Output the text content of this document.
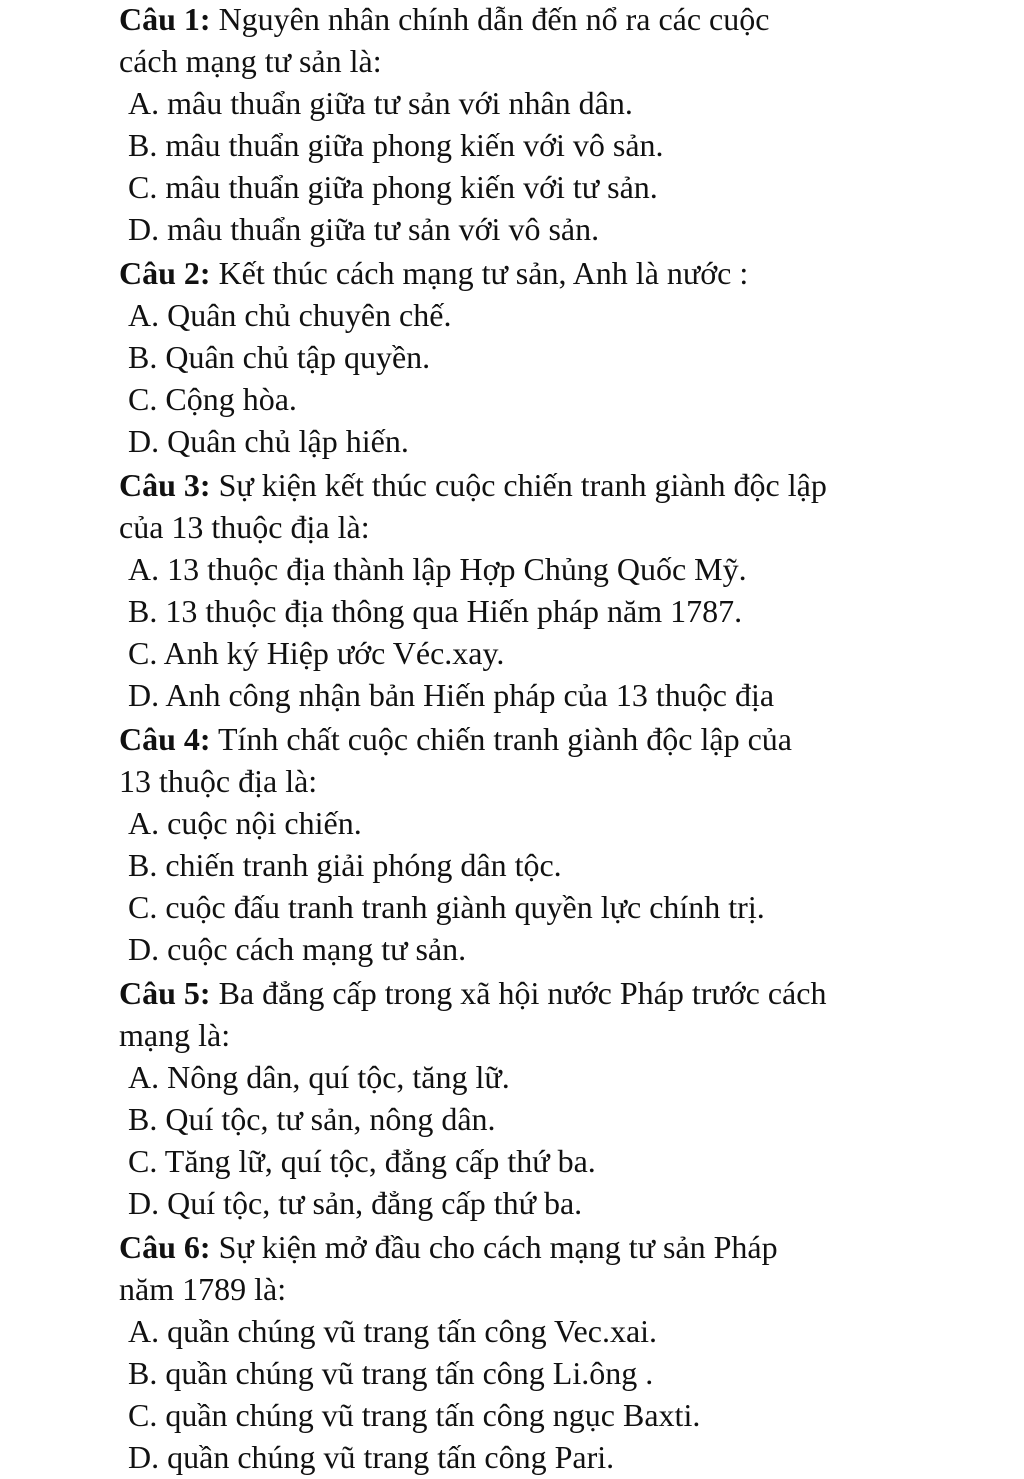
Câu 1: Nguyên nhân chính dẫn đến nổ ra các cuộc
cách mạng tư sản là:
A. mâu thuẩn giữa tư sản với nhân dân.
B. mâu thuẩn giữa phong kiến với vô sản.
C. mâu thuẩn giữa phong kiến với tư sản.
D. mâu thuẩn giữa tư sản với vô sản.
Câu 2: Kết thúc cách mạng tư sản, Anh là nước :
A. Quân chủ chuyên chế.
B. Quân chủ tập quyền.
C. Cộng hòa.
D. Quân chủ lập hiến.
Câu 3: Sự kiện kết thúc cuộc chiến tranh giành độc lập
của 13 thuộc địa là:
A. 13 thuộc địa thành lập Hợp Chủng Quốc Mỹ.
B. 13 thuộc địa thông qua Hiến pháp năm 1787.
C. Anh ký Hiệp ước Véc.xay.
D. Anh công nhận bản Hiến pháp của 13 thuộc địa
Câu 4: Tính chất cuộc chiến tranh giành độc lập của
13 thuộc địa là:
A. cuộc nội chiến.
B. chiến tranh giải phóng dân tộc.
C. cuộc đấu tranh tranh giành quyền lực chính trị.
D. cuộc cách mạng tư sản.
Câu 5: Ba đẳng cấp trong xã hội nước Pháp trước cách
mạng là:
A. Nông dân, quí tộc, tăng lữ.
B. Quí tộc, tư sản, nông dân.
C. Tăng lữ, quí tộc, đẳng cấp thứ ba.
D. Quí tộc, tư sản, đẳng cấp thứ ba.
Câu 6: Sự kiện mở đầu cho cách mạng tư sản Pháp
năm 1789 là:
A. quần chúng vũ trang tấn công Vec.xai.
B. quần chúng vũ trang tấn công Li.ông .
C. quần chúng vũ trang tấn công ngục Baxti.
D. quần chúng vũ trang tấn công Pari.
